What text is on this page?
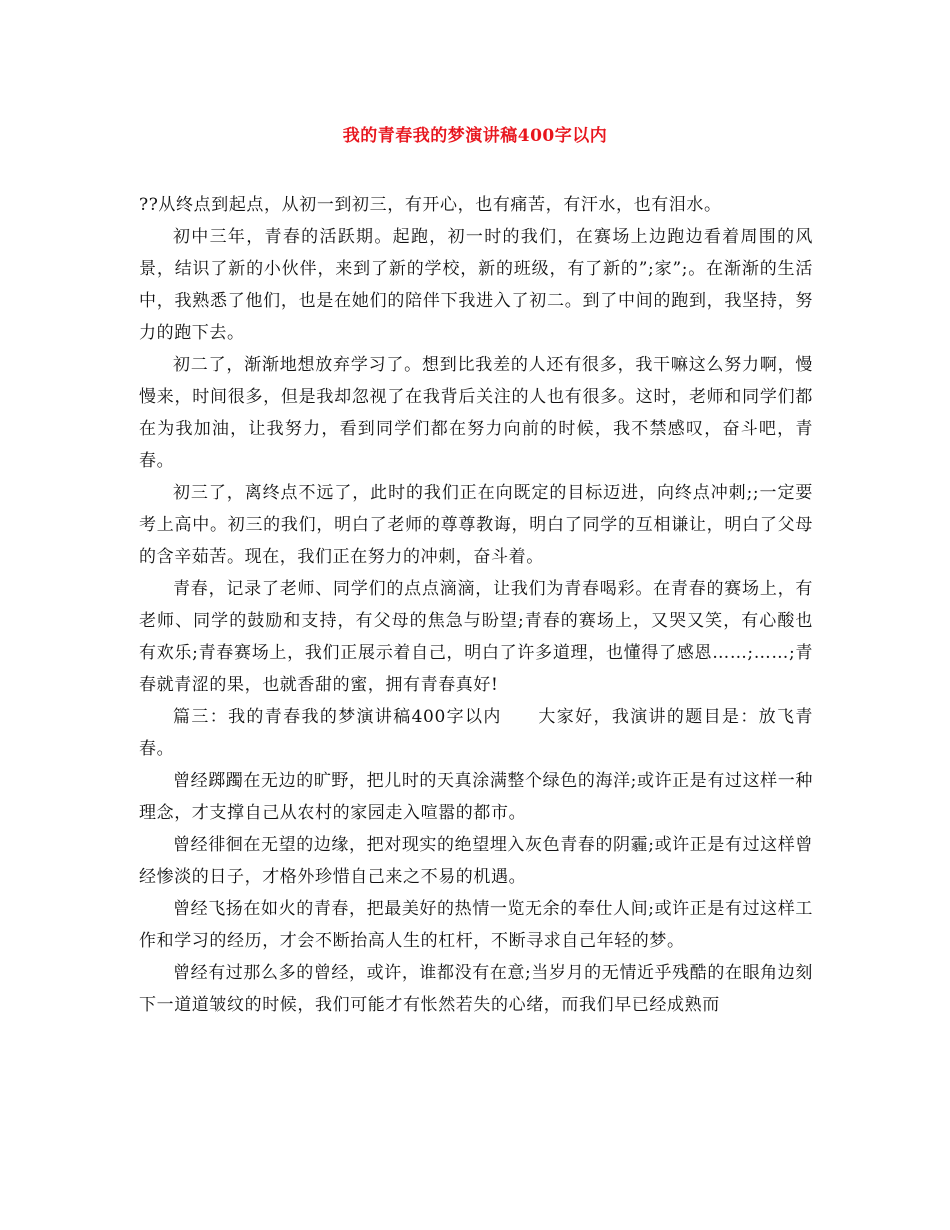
我的青春我的梦演讲稿400字以内

??从终点到起点，从初一到初三，有开心，也有痛苦，有汗水，也有泪水。

初中三年，青春的活跃期。起跑，初一时的我们，在赛场上边跑边看着周围的风景，结识了新的小伙伴，来到了新的学校，新的班级，有了新的”;家”;。在渐渐的生活中，我熟悉了他们，也是在她们的陪伴下我进入了初二。到了中间的跑到，我坚持，努力的跑下去。

初二了，渐渐地想放弃学习了。想到比我差的人还有很多，我干嘛这么努力啊，慢慢来，时间很多，但是我却忽视了在我背后关注的人也有很多。这时，老师和同学们都在为我加油，让我努力，看到同学们都在努力向前的时候，我不禁感叹，奋斗吧，青春。

初三了，离终点不远了，此时的我们正在向既定的目标迈进，向终点冲刺;;一定要考上高中。初三的我们，明白了老师的尊尊教诲，明白了同学的互相谦让，明白了父母的含辛茹苦。现在，我们正在努力的冲刺，奋斗着。

青春，记录了老师、同学们的点点滴滴，让我们为青春喝彩。在青春的赛场上，有老师、同学的鼓励和支持，有父母的焦急与盼望;青春的赛场上，又哭又笑，有心酸也有欢乐;青春赛场上，我们正展示着自己，明白了许多道理，也懂得了感恩……;……;青春就青涩的果，也就香甜的蜜，拥有青春真好!

篇三：我的青春我的梦演讲稿400字以内　　大家好，我演讲的题目是：放飞青春。

曾经踯躅在无边的旷野，把儿时的天真涂满整个绿色的海洋;或许正是有过这样一种理念，才支撑自己从农村的家园走入喧嚣的都市。

曾经徘徊在无望的边缘，把对现实的绝望埋入灰色青春的阴霾;或许正是有过这样曾经惨淡的日子，才格外珍惜自己来之不易的机遇。

曾经飞扬在如火的青春，把最美好的热情一览无余的奉仕人间;或许正是有过这样工作和学习的经历，才会不断抬高人生的杠杆，不断寻求自己年轻的梦。

曾经有过那么多的曾经，或许，谁都没有在意;当岁月的无情近乎残酷的在眼角边刻下一道道皱纹的时候，我们可能才有怅然若失的心绪，而我们早已经成熟而
